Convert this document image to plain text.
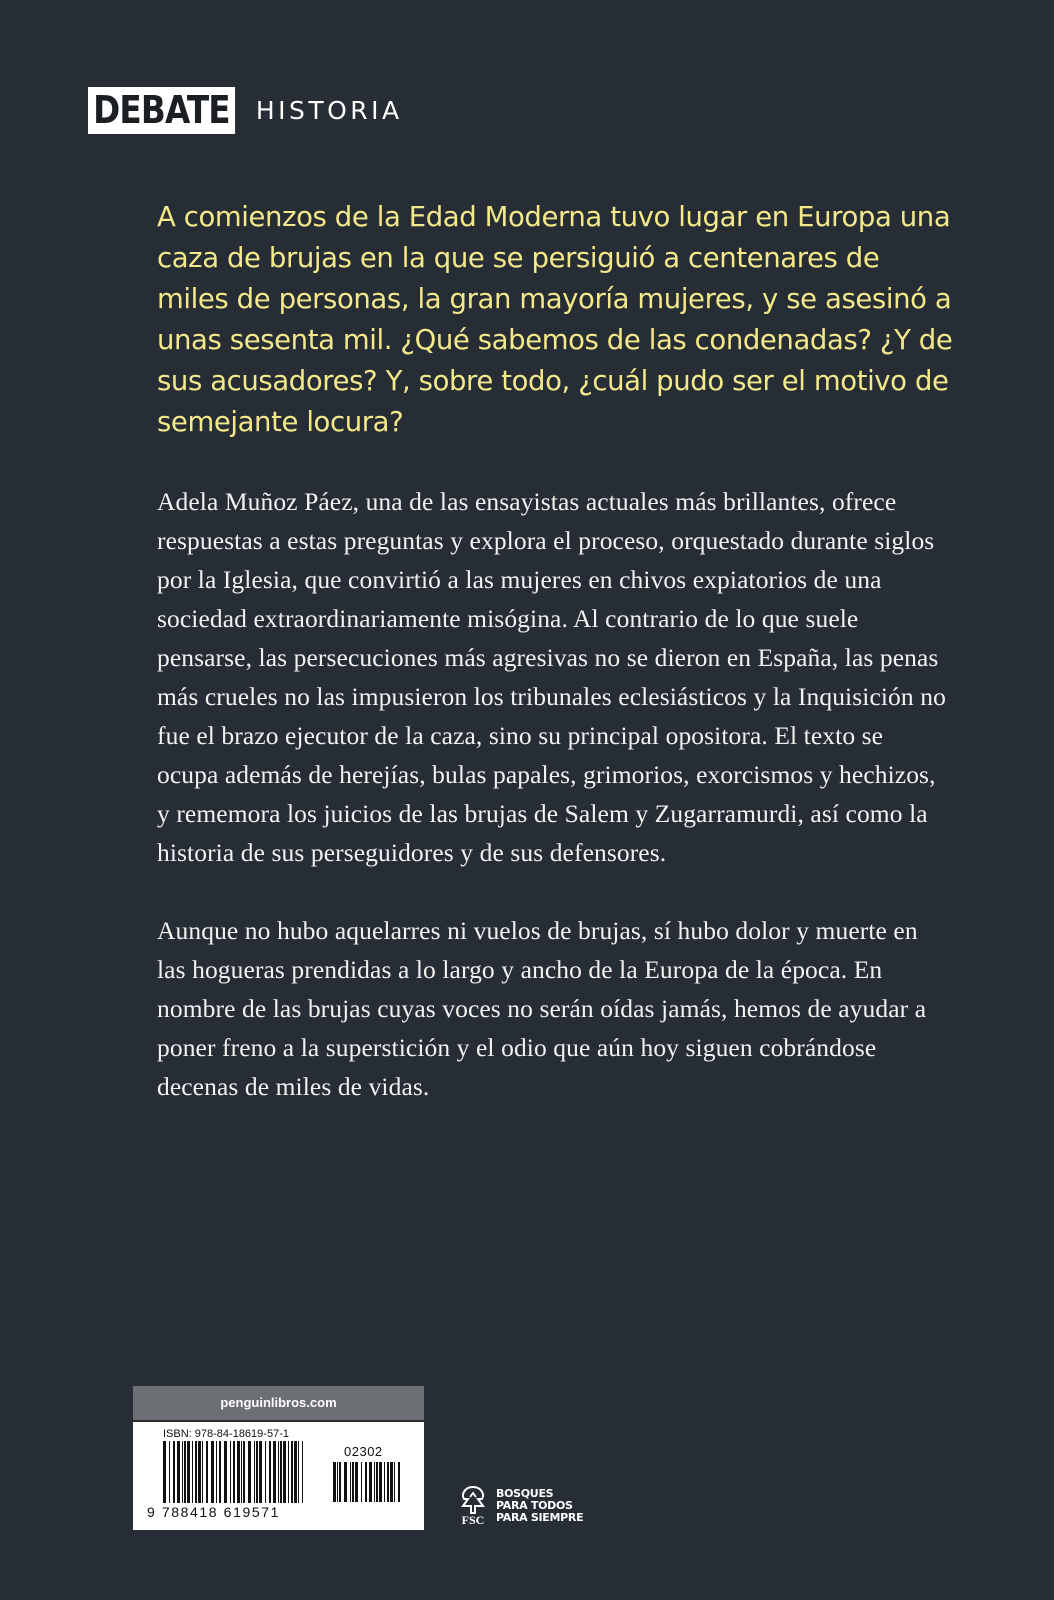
DEBATE HISTORIA

A comienzos de la Edad Moderna tuvo lugar en Europa una caza de brujas en la que se persiguió a centenares de miles de personas, la gran mayoría mujeres, y se asesinó a unas sesenta mil. ¿Qué sabemos de las condenadas? ¿Y de sus acusadores? Y, sobre todo, ¿cuál pudo ser el motivo de semejante locura?

Adela Muñoz Páez, una de las ensayistas actuales más brillantes, ofrece respuestas a estas preguntas y explora el proceso, orquestado durante siglos por la Iglesia, que convirtió a las mujeres en chivos expiatorios de una sociedad extraordinariamente misógina. Al contrario de lo que suele pensarse, las persecuciones más agresivas no se dieron en España, las penas más crueles no las impusieron los tribunales eclesiásticos y la Inquisición no fue el brazo ejecutor de la caza, sino su principal opositora. El texto se ocupa además de herejías, bulas papales, grimorios, exorcismos y hechizos, y rememora los juicios de las brujas de Salem y Zugarramurdi, así como la historia de sus perseguidores y de sus defensores.

Aunque no hubo aquelarres ni vuelos de brujas, sí hubo dolor y muerte en las hogueras prendidas a lo largo y ancho de la Europa de la época. En nombre de las brujas cuyas voces no serán oídas jamás, hemos de ayudar a poner freno a la superstición y el odio que aún hoy siguen cobrándose decenas de miles de vidas.

penguinlibros.com
ISBN: 978-84-18619-57-1
02302
9 788418 619571	FSC
BOSQUES
PARA TODOS
PARA SIEMPRE
